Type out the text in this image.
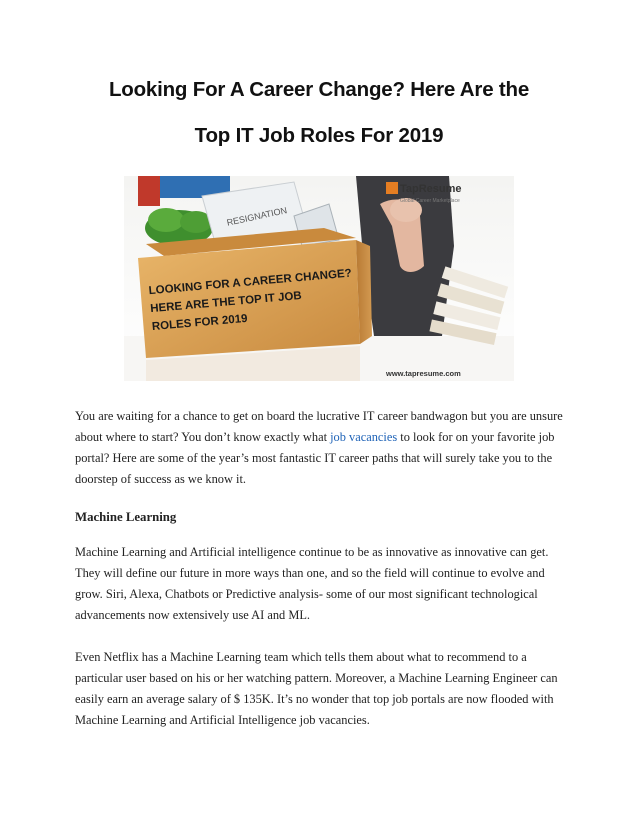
Looking For A Career Change? Here Are the
Top IT Job Roles For 2019
RESIGNATION
LOOKING FOR A CAREER CHANGE?
HERE ARE THE TOP IT JOB
ROLES FOR 2019
TapResume
Global Career Marketplace
www.tapresume.com

You are waiting for a chance to get on board the lucrative IT career bandwagon but you are unsure about where to start? You don’t know exactly what job vacancies to look for on your favorite job portal? Here are some of the year’s most fantastic IT career paths that will surely take you to the doorstep of success as we know it.

Machine Learning

Machine Learning and Artificial intelligence continue to be as innovative as innovative can get. They will define our future in more ways than one, and so the field will continue to evolve and grow. Siri, Alexa, Chatbots or Predictive analysis- some of our most significant technological advancements now extensively use AI and ML.

Even Netflix has a Machine Learning team which tells them about what to recommend to a particular user based on his or her watching pattern. Moreover, a Machine Learning Engineer can easily earn an average salary of $ 135K. It’s no wonder that top job portals are now flooded with Machine Learning and Artificial Intelligence job vacancies.
